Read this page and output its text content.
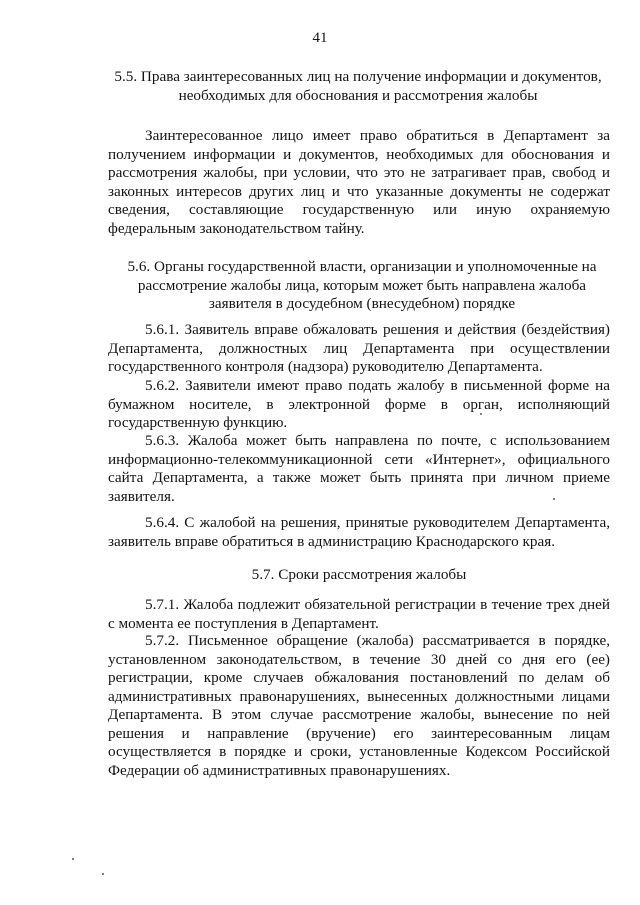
41
5.5. Права заинтересованных лиц на получение информации и документов, необходимых для обоснования и рассмотрения жалобы

Заинтересованное лицо имеет право обратиться в Департамент за получением информации и документов, необходимых для обоснования и рассмотрения жалобы, при условии, что это не затрагивает прав, свобод и законных интересов других лиц и что указанные документы не содержат сведения, составляющие государственную или иную охраняемую федеральным законодательством тайну.

5.6. Органы государственной власти, организации и уполномоченные на рассмотрение жалобы лица, которым может быть направлена жалоба заявителя в досудебном (внесудебном) порядке

5.6.1. Заявитель вправе обжаловать решения и действия (бездействия) Департамента, должностных лиц Департамента при осуществлении государственного контроля (надзора) руководителю Департамента.

5.6.2. Заявители имеют право подать жалобу в письменной форме на бумажном носителе, в электронной форме в орган, исполняющий государственную функцию.

5.6.3. Жалоба может быть направлена по почте, с использованием информационно-телекоммуникационной сети «Интернет», официального сайта Департамента, а также может быть принята при личном приеме заявителя.

5.6.4. С жалобой на решения, принятые руководителем Департамента, заявитель вправе обратиться в администрацию Краснодарского края.

5.7. Сроки рассмотрения жалобы

5.7.1. Жалоба подлежит обязательной регистрации в течение трех дней с момента ее поступления в Департамент.

5.7.2. Письменное обращение (жалоба) рассматривается в порядке, установленном законодательством, в течение 30 дней со дня его (ее) регистрации, кроме случаев обжалования постановлений по делам об административных правонарушениях, вынесенных должностными лицами Департамента. В этом случае рассмотрение жалобы, вынесение по ней решения и направление (вручение) его заинтересованным лицам осуществляется в порядке и сроки, установленные Кодексом Российской Федерации об административных правонарушениях.
